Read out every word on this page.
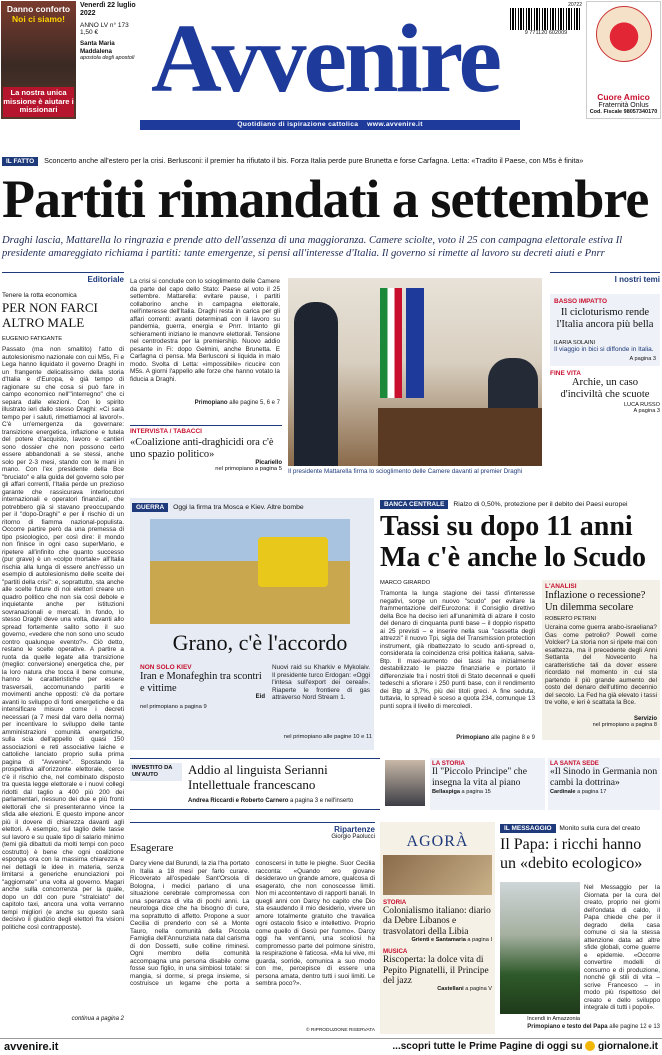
Danno conforto
Noi ci siamo!
La nostra unica missione è aiutare i missionari
Venerdì 22 luglio 2022
ANNO LV n° 173
1,50 €
Santa Maria Maddalena
apostola degli apostoli Avvenire	20722
9 771120 602009
Cuore Amico
Fraternità Onlus
Cod. Fiscale 98057340170
Quotidiano di ispirazione cattolica www.avvenire.it
IL FATTO Sconcerto anche all'estero per la crisi. Berlusconi: il premier ha rifiutato il bis. Forza Italia perde pure Brunetta e forse Carfagna. Letta: «Tradito il Paese, con M5s è finita»
Partiti rimandati a settembre
Draghi lascia, Mattarella lo ringrazia e prende atto dell'assenza di una maggioranza. Camere sciolte, voto il 25 con campagna elettorale estiva Il presidente amareggiato richiama i partiti: tante emergenze, si pensi all'interesse d'Italia. Il governo si rimette al lavoro su decreti aiuti e Pnrr
Editoriale
Tenere la rotta economica
PER NON FARCI ALTRO MALE
EUGENIO FATIGANTE
Passato (ma non smaltito) l'atto di autolesionismo nazionale con cui M5s, Fi e Lega hanno liquidato il governo Draghi in un frangente delicatissimo della storia d'Italia e d'Europa, è già tempo di ragionare su che cosa si può fare in campo economico nell'"interregno" che ci separa dalle elezioni. Con lo spirito illustrato ieri dallo stesso Draghi: «Ci sarà tempo per i saluti, rimettiamoci al lavoro!». C'è un'emergenza da governare: transizione energetica, inflazione e tutela del potere d'acquisto, lavoro e cantieri sono dossier che non possono certo essere abbandonati a se stessi, anche solo per 2-3 mesi, stando con le mani in mano. Con l'ex presidente della Bce "bruciato" e alla guida del governo solo per gli affari correnti, l'Italia perde un prezioso garante che rassicurava interlocutori internazionali e operatori finanziari, che potrebbero già si stavano preoccupando per il "dopo-Draghi" e per il rischio di un ritorno di fiamma nazional-populista. Occorre partire però da una premessa di tipo psicologico, per così dire: il mondo non finisce in ogni caso superMario, e ripetere all'infinito che quanto successo (pur grave) è un «colpo mortale» all'Italia rischia alla lunga di essere anch'esso un esempio di autolesionismo delle scelte dei "partiti della crisi": e, soprattutto, sta anche alle scelte future di noi elettori creare un quadro politico che non sia così debole e inquietante anche per istituzioni sovranazionali e mercati. In fondo, lo stesso Draghi deve una volta, davanti allo spread fortemente salito sotto il suo governo, «vedere che non sono uno scudo contro qualunque evento?». Ciò detto, restano le scelte operative. A partire a ruota da quelle legate alla transizione (meglio: conversione) energetica che, per la loro natura che tocca il bene comune, hanno le caratteristiche per essere trasversali, accomunando partiti e movimenti anche opposti: c'è da portare avanti lo sviluppo di fonti energetiche e da intensificare misure come i decreti necessari (a 7 mesi dal varo della norma) per incentivare lo sviluppo delle tante amministrazioni comunità energetiche, sulla scia dell'appello di quasi 150 associazioni e reti associative laiche e cattoliche lanciato proprio sulla prima pagina di "Avvenire". Spostando la prospettiva all'orizzonte elettorale, cerco c'è il rischio che, nel combinato disposto tra questa legge elettorale e i nuovi collegi ridotti dal taglio a 400 più 200 dei parlamentari, nessuno dei due e più fronti elettorali che si presenteranno vince la sfida alle elezioni. E questo impone ancor più il dovere di chiarezza davanti agli elettori. A esempio, sul taglio delle tasse sul lavoro e su quale tipo di salario minimo (temi già dibattuti da molti tempi con poco costrutto) è bene che ogni coalizione esponga ora con la massima chiarezza e nei dettagli le idee in materia, senza limitarsi a generiche enunciazioni poi "aggiornate" una volta al governo. Magari anche sulla concorrenza per la quale, dopo un ddl con pure "stralciato" del capitolo taxi, ancora una volta verranno tempi migliori (e anche su questo sarà decisivo il giudizio degli elettori fra visioni politiche così contrapposte).
continua a pagina 2
La crisi si conclude con lo scioglimento delle Camere da parte del capo dello Stato: Paese al voto il 25 settembre. Mattarella: evitare pause, i partiti collaborino anche in campagna elettorale, nell'interesse dell'Italia. Draghi resta in carica per gli affari correnti: avanti determinati con il lavoro su pandemia, guerra, energia e Pnrr. Intanto gli schieramenti iniziano le manovre elettorali. Tensione nel centrodestra per la premiership. Nuovo addio pesante in Fi: dopo Gelmini, anche Brunetta. E Carfagna ci pensa. Ma Berlusconi si liquida in malo modo. Svolta di Letta: «impossibile» ricucire con M5s. A giorni l'appello alle forze che hanno votato la fiducia a Draghi.
Primopiano alle pagine 5, 6 e 7
Il presidente Mattarella firma lo scioglimento delle Camere davanti al premier Draghi
INTERVISTA / TABACCI
«Coalizione anti-draghicidi ora c'è uno spazio politico»
Picariello
nel primopiano a pagina 5
I nostri temi
BASSO IMPATTO
Il cicloturismo rende l'Italia ancora più bella
ILARIA SOLAINI
Il viaggio in bici si diffonde in Italia.
A pagina 3
FINE VITA
Archie, un caso d'inciviltà che scuote
LUCA RUSSO
A pagina 3
GUERRA Oggi la firma tra Mosca e Kiev. Altre bombe
Grano, c'è l'accordo
NON SOLO KIEV
Iran e Monafeghin tra scontri e vittime
Eid
nel primopiano a pagina 9
Nuovi raid su Kharkiv e Mykolaiv. Il presidente turco Erdogan: «Oggi l'intesa sull'export dei cereali». Riaperte le frontiere di gas attraverso Nord Stream 1.
nel primopiano alle pagine 10 e 11
BANCA CENTRALE Rialzo di 0,50%, protezione per il debito dei Paesi europei
Tassi su dopo 11 anni
Ma c'è anche lo Scudo
MARCO GIRARDO
Tramonta la lunga stagione dei tassi d'interesse negativi, sorge un nuovo "scudo" per evitare la frammentazione dell'Eurozona: il Consiglio direttivo della Bce ha deciso ieri all'unanimità di alzare il costo del denaro di cinquanta punti base – il doppio rispetto ai 25 previsti – e inserire nella sua "cassetta degli attrezzi" il nuovo Tpi, sigla del Transmission protection instrument, già ribattezzato lo scudo anti-spread o, considerata la coincidenza crisi politica italiana, salva-Btp. Il maxi-aumento dei tassi ha inizialmente destabilizzato le piazze finanziarie e portato il differenziale fra i nostri titoli di Stato decennali e quelli tedeschi a sfiorare i 250 punti base, con il rendimento dei Btp al 3,7%, più dei titoli greci. A fine seduta, tuttavia, lo spread è sceso a quota 234, comunque 13 punti sopra il livello di mercoledì.
Primopiano alle pagine 8 e 9
L'ANALISI
Inflazione o recessione? Un dilemma secolare
ROBERTO PETRINI
Ucraina come guerra arabo-israeliana? Gas come petrolio? Powell come Volcker? La storia non si ripete mai con esattezza, ma il precedente degli Anni Settanta del Novecento ha caratteristiche tali da dover essere ricordato nel momento in cui sta partendo il più grande aumento del costo del denaro dell'ultimo decennio del secolo. La Fed ha già elevato i tassi tre volte, e ieri è scattata la Bce.
Servizio
nel primopiano a pagina 8
INVESTITO DA UN'AUTO	Addio al linguista Serianni Intellettuale francescano
Andrea Riccardi e Roberto Carnero a pagina 3 e nell'inserto
LA STORIA
Il "Piccolo Principe" che insegna la vita al piano
Bellaspiga a pagina 15
LA SANTA SEDE
«Il Sinodo in Germania non cambi la dottrina»
Cardinale a pagina 17
Ripartenze
Giorgio Paolucci
Esagerare
Darcy viene dal Burundi, la zia l'ha portato in Italia a 18 mesi per farlo curare. Ricoverato all'ospedale Sant'Orsola di Bologna, i medici parlano di una situazione cerebrale compromessa con una speranza di vita di pochi anni. La neurologa dice che ha bisogno di cure, ma soprattutto di affetto. Propone a suor Cecilia di prenderlo con sé a Monte Tauro, nella comunità della Piccola Famiglia dell'Annunziata nata dal carisma di don Dossetti, sulle colline riminesi. Ogni membro della comunità accompagna una persona disabile come fosse suo figlio, in una simbiosi totale: si mangia, si dorme, si prega insieme, si costruisce un legame che porta a conoscersi in tutte le pieghe. Suor Cecilia racconta: «Quando ero giovane desideravo un grande amore, qualcosa di esagerato, che non conoscesse limiti. Non mi accontentavo di rapporti banali. In quegli anni con Darcy ho capito che Dio sta esaudendo il mio desiderio, vivere un amore totalmente gratuito che travalica ogni ostacolo fisico e intellettivo. Proprio come quello di Gesù per l'uomo». Darcy oggi ha vent'anni, una scoliosi ha compromesso parte del polmone sinistro, la respirazione è faticosa. «Ma lui vive, mi guarda, sorride, comunica a suo modo con me, percepisce di essere una persona amata, dentro tutti i suoi limiti. Le sembra poco?».
© RIPRODUZIONE RISERVATA
AGORÀ
STORIA
Colonialismo italiano: diario da Debre Libanos e trasvolatori della Libia
Grienti e Santamaria a pagina I
MUSICA
Riscoperta: la dolce vita di Pepito Pignatelli, il Principe del jazz
Castellani a pagina V
IL MESSAGGIO Monito sulla cura del creato
Il Papa: i ricchi hanno un «debito ecologico»
Incendi in Amazzonia
Nel Messaggio per la Giornata per la cura del creato, proprio nei giorni dell'ondata di caldo, il Papa chiede che per il degrado della casa comune ci sia la stessa attenzione data ad altre sfide globali, come guerre e epidemie. «Occorre convertire modelli di consumo e di produzione, nonché gli stili di vita – scrive Francesco – in modo più rispettoso del creato e dello sviluppo integrale di tutti i popoli».
Primopiano e testo del Papa alle pagine 12 e 13
avvenire.it	...scopri tutte le Prime Pagine di oggi su giornalone.it
